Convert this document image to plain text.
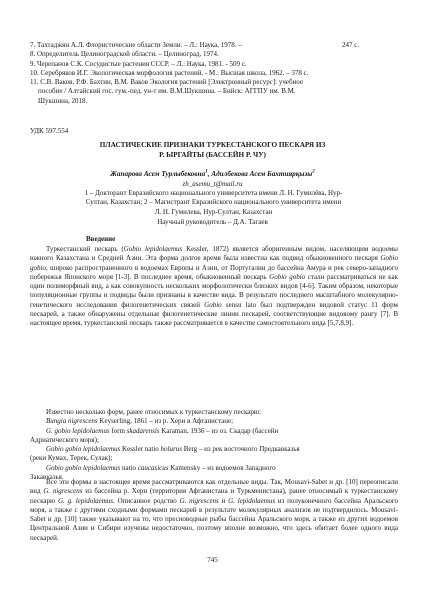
7. Тахтаджян А.Л. Флористические области Земли. – Л.: Наука, 1978. –	247 с.

8. Определитель Целиноградской области. – Целиноград, 1974.

9. Черепанов С.К. Сосудистые растения СССР. – Л.: Наука, 1981. - 509 с.

10. Серебряков И.Г. Экологическая морфология растений. - М.: Высшая школа, 1962. – 378 с.

11. С.В. Ваков, Р.Ф. Бахтин, В.М. Ваков Экология растений [Электронный ресурс]: учебное

пособие / Алтайский гос. гум.-пед. ун-т им. В.М.Шукшина. – Бийск: АГГПУ им. В.М.

Шукшина, 2018.

УДК 597.554
ПЛАСТИЧЕСКИЕ ПРИЗНАКИ ТУРКЕСТАНСКОГО ПЕСКАРЯ ИЗ
Р. ЫРГАЙТЫ (БАССЕЙН Р. ЧУ)
Жапарова Асем Турлыбековна$^1$, Адилбекова Асем Бахтиярқызы$^2$
zh_asemu_t@mail.ru
1 – Докторант Евразийского национального университета имени Л. Н. Гумилёва, Нур-
Султан, Казахстан; 2 – Магистрант Евразийского национального университета имени
Л. Н. Гумилева, Нур-Султан, Казахстан
Научный руководитель – Д.А. Тагаев
Введение

Туркестанский пескарь (Gobio lepidolaemus Kessler, 1872) является аборигенным видом, населяющим водоемы южного Казахстана и Средней Азии. Эта форма долгое время была известна как подвид обыкновенного пескаря Gobio gobio, широко распространенного в водоемах Европы и Азии, от Португалии до бассейна Амура и рек северо-западного побережья Японского моря [1-3]. В последнее время, обыкновенный пескарь Gobio gobio стали рассматриваться не как один полиморфный вид, а как совокупность нескольких морфологически близких видов [4-6]. Таким образом, некоторые популяционные группы и подвиды были признаны в качестве вида. В результате последнего масштабного молекулярно-генетического исследования филогенетических связей Gobio sensu lato был подтвержден видовой статус 11 форм пескарей, а также обнаружены отдельные филогенетические линии пескарей, соответствующие видовому рангу [7]. В настоящее время, туркестанский пескарь также рассматривается в качестве самостоятельного вида [5,7,8,9].

Известно несколько форм, ранее относимых к туркестанскому пескарю:

Bungia nigrescens Keyserling, 1861 – из р. Хери в Афганистане;

G. gobio lepidolaemus form skadarensis Karaman, 1936 – из оз. Скадар (бассейн

Адриатического моря);

Gobio gobio lepidolaemus Kessler natio holurus Berg – из рек восточного Предкавказья

(реки Кумах, Терек, Сулак);

Gobio gobio lepidolaemus natio caucasicus Kamensky – из водоемов Западного

Закавказья.

Все эти формы в настоящее время рассматриваются как отдельные виды. Так, Mousavi-Sabet и др. [10] переописали вид G. nigrescens из бассейна р. Хери (территория Афганистана и Туркменистана), ранее относимый к туркестанскому пескарю G. g. lepidolaemus. Описанное родство G. nigrescens и G. lepidolaemus из полуконечного бассейна Аральского моря, а также с другими сходными формами пескарей в результате молекулярных анализов не подтвердилось. Mousavi-Sabet и др. [10] также указывают на то, что пресноводные рыбы бассейна Аральского моря, а также из других водоемов Центральной Азии и Сибири изучены недостаточно, поэтому вполне возможно, что здесь обитает более одного вида пескарей.

745
